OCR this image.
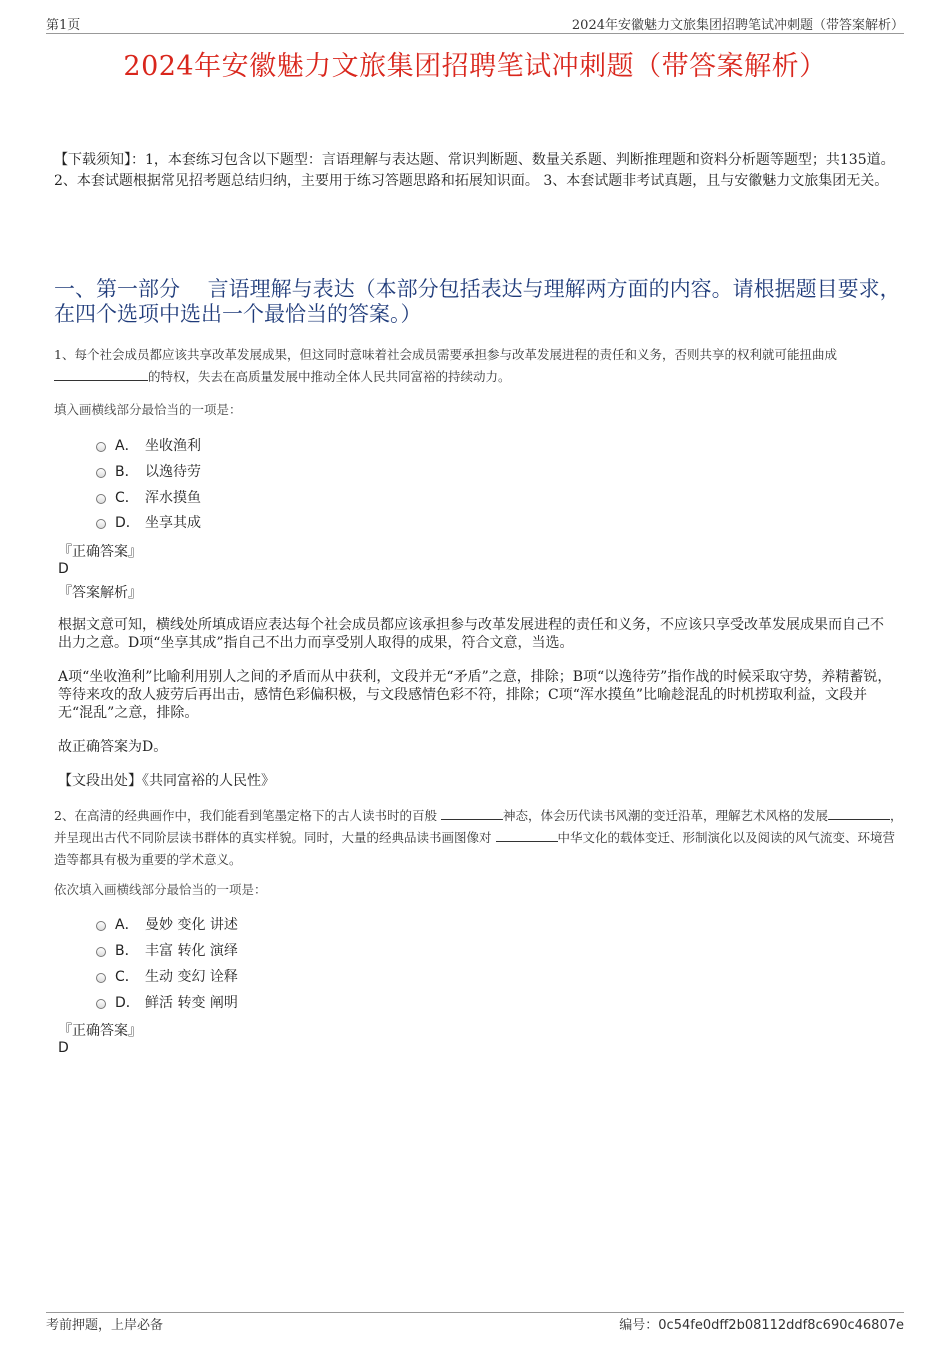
第1页	2024年安徽魅力文旅集团招聘笔试冲刺题（带答案解析）
2024年安徽魅力文旅集团招聘笔试冲刺题（带答案解析）
【下载须知】：1，本套练习包含以下题型：言语理解与表达题、常识判断题、数量关系题、判断推理题和资料分析题等题型；共135道。 2、本套试题根据常见招考题总结归纳，主要用于练习答题思路和拓展知识面。 3、本套试题非考试真题，且与安徽魅力文旅集团无关。
一、第一部分　 言语理解与表达（本部分包括表达与理解两方面的内容。请根据题目要求，在四个选项中选出一个最恰当的答案。）
1、每个社会成员都应该共享改革发展成果，但这同时意味着社会成员需要承担参与改革发展进程的责任和义务，否则共享的权利就可能扭曲成的特权，失去在高质量发展中推动全体人民共同富裕的持续动力。
填入画横线部分最恰当的一项是：
A． 坐收渔利
B． 以逸待劳
C． 浑水摸鱼
D． 坐享其成
『正确答案』
D
『答案解析』
根据文意可知，横线处所填成语应表达每个社会成员都应该承担参与改革发展进程的责任和义务，不应该只享受改革发展成果而自己不出力之意。D项“坐享其成”指自己不出力而享受别人取得的成果，符合文意，当选。
A项“坐收渔利”比喻利用别人之间的矛盾而从中获利，文段并无“矛盾”之意，排除；B项“以逸待劳”指作战的时候采取守势，养精蓄锐，等待来攻的敌人疲劳后再出击，感情色彩偏积极，与文段感情色彩不符，排除；C项“浑水摸鱼”比喻趁混乱的时机捞取利益，文段并无“混乱”之意，排除。
故正确答案为D。
【文段出处】《共同富裕的人民性》
2、在高清的经典画作中，我们能看到笔墨定格下的古人读书时的百般	神态，体会历代读书风潮的变迁沿革，理解艺术风格的发展	，并呈现出古代不同阶层读书群体的真实样貌。同时，大量的经典品读书画图像对	中华文化的载体变迁、形制演化以及阅读的风气流变、环境营造等都具有极为重要的学术意义。
依次填入画横线部分最恰当的一项是：
A． 曼妙 变化 讲述
B． 丰富 转化 演绎
C． 生动 变幻 诠释
D． 鲜活 转变 阐明
『正确答案』
D
考前押题，上岸必备	编号：0c54fe0dff2b08112ddf8c690c46807e
